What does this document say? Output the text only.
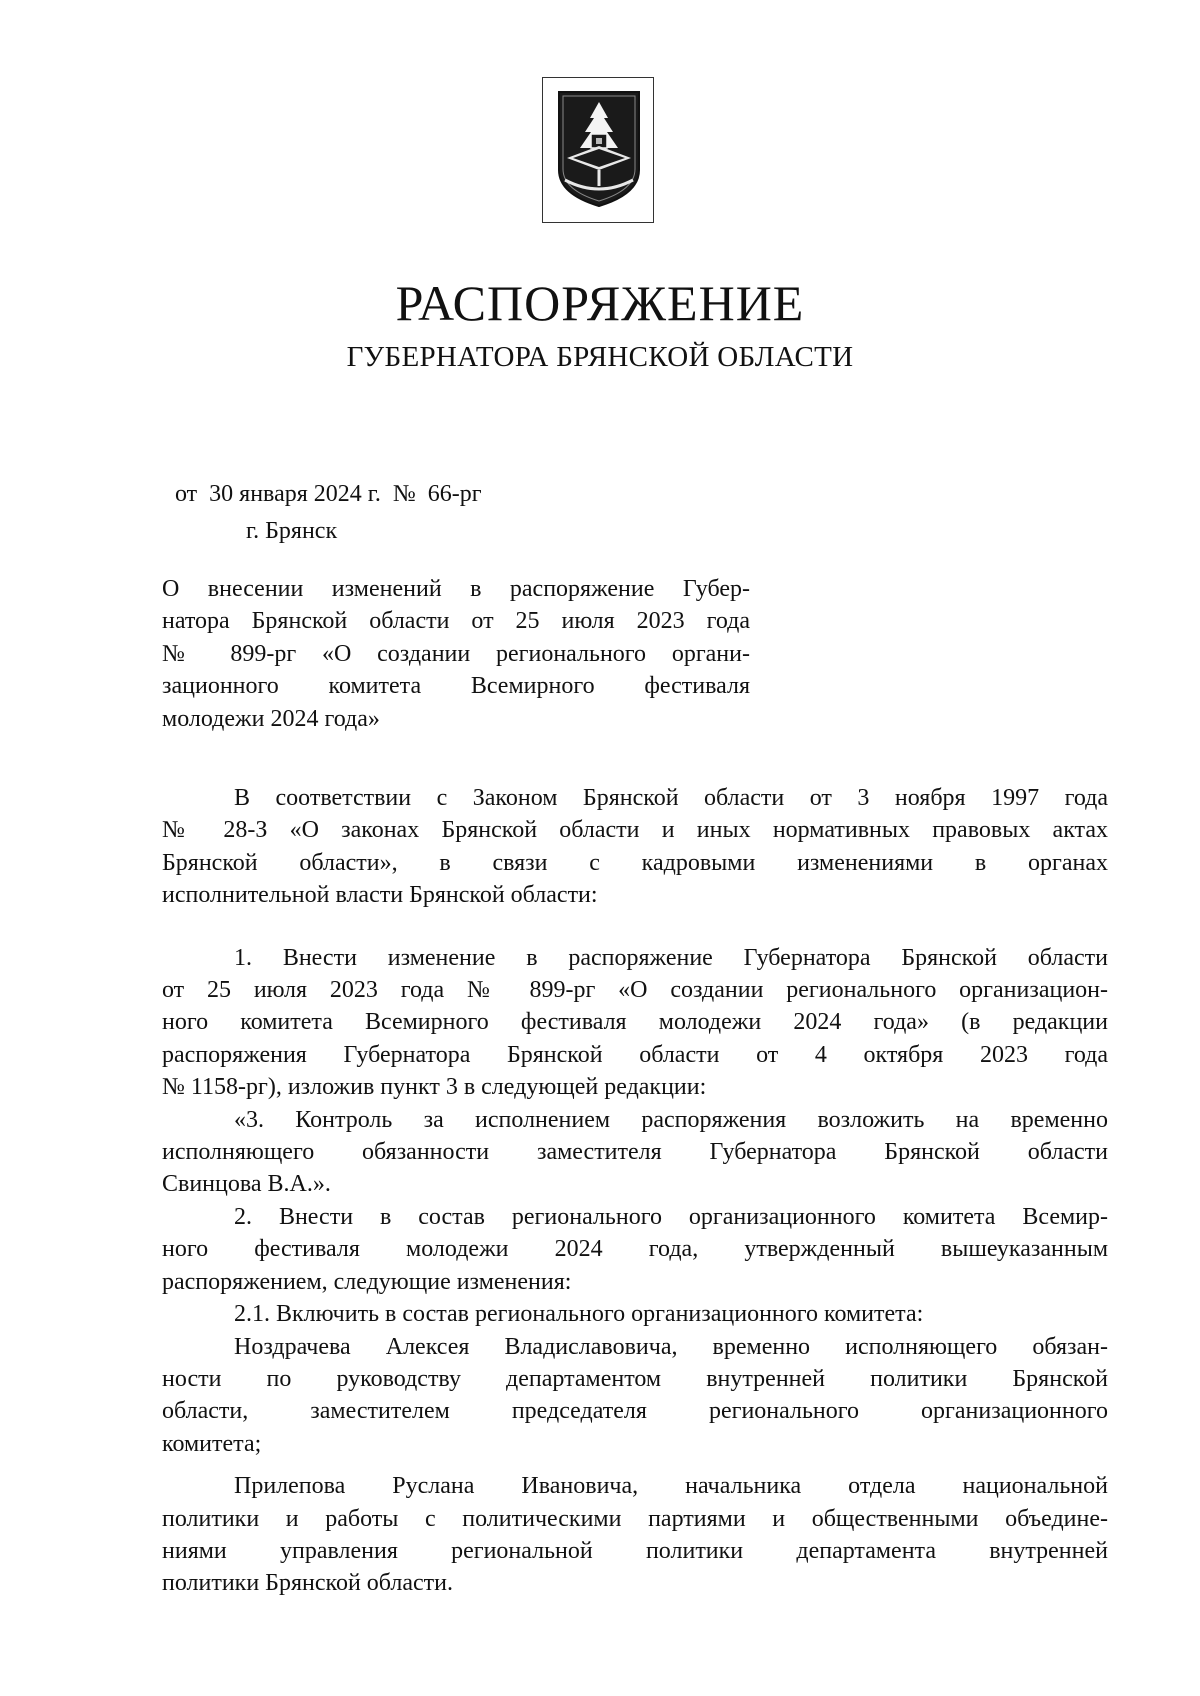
РАСПОРЯЖЕНИЕ
ГУБЕРНАТОРА БРЯНСКОЙ ОБЛАСТИ
от  30 января 2024 г.  №  66-рг
г. Брянск
О внесении изменений в распоряжение Губер-
натора Брянской области от 25 июля 2023 года
№ 899-рг «О создании регионального органи-
зационного комитета Всемирного фестиваля
молодежи 2024 года»
В соответствии с Законом Брянской области от 3 ноября 1997 года
№ 28-З «О законах Брянской области и иных нормативных правовых актах
Брянской области», в связи с кадровыми изменениями в органах
исполнительной власти Брянской области:
1. Внести изменение в распоряжение Губернатора Брянской области
от 25 июля 2023 года № 899-рг «О создании регионального организацион-
ного комитета Всемирного фестиваля молодежи 2024 года» (в редакции
распоряжения Губернатора Брянской области от 4 октября 2023 года
№ 1158-рг), изложив пункт 3 в следующей редакции:
«3. Контроль за исполнением распоряжения возложить на временно
исполняющего обязанности заместителя Губернатора Брянской области
Свинцова В.А.».
2. Внести в состав регионального организационного комитета Всемир-
ного фестиваля молодежи 2024 года, утвержденный вышеуказанным
распоряжением, следующие изменения:
2.1. Включить в состав регионального организационного комитета:
Ноздрачева Алексея Владиславовича, временно исполняющего обязан-
ности по руководству департаментом внутренней политики Брянской
области, заместителем председателя регионального организационного
комитета;
Прилепова Руслана Ивановича, начальника отдела национальной
политики и работы с политическими партиями и общественными объедине-
ниями управления региональной политики департамента внутренней
политики Брянской области.
